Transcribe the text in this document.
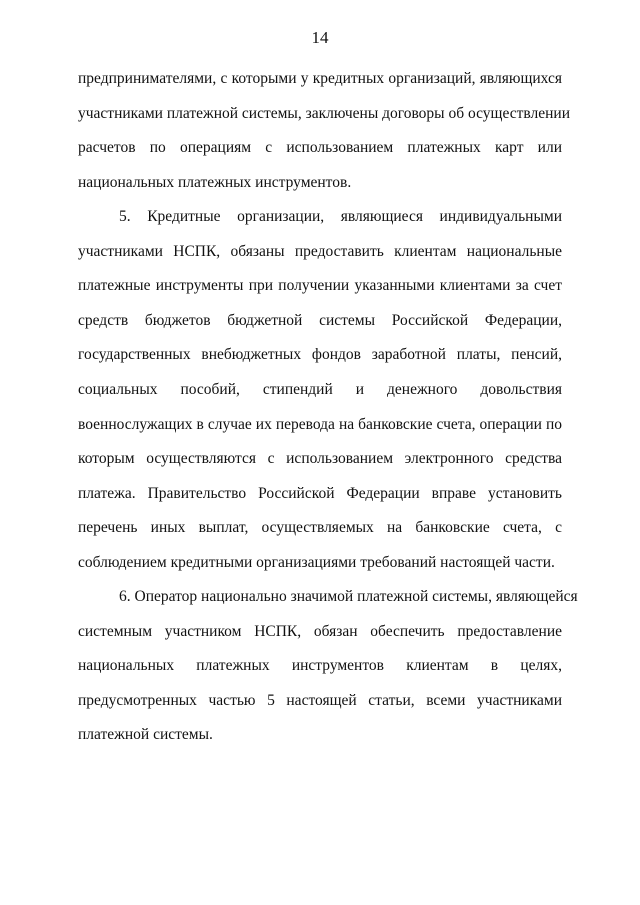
14
предпринимателями, с которыми у кредитных организаций, являющихся
участниками платежной системы, заключены договоры об осуществлении
расчетов по операциям с использованием платежных карт или
национальных платежных инструментов.
5. Кредитные организации, являющиеся индивидуальными
участниками НСПК, обязаны предоставить клиентам национальные
платежные инструменты при получении указанными клиентами за счет
средств бюджетов бюджетной системы Российской Федерации,
государственных внебюджетных фондов заработной платы, пенсий,
социальных пособий, стипендий и денежного довольствия
военнослужащих в случае их перевода на банковские счета, операции по
которым осуществляются с использованием электронного средства
платежа. Правительство Российской Федерации вправе установить
перечень иных выплат, осуществляемых на банковские счета, с
соблюдением кредитными организациями требований настоящей части.
6. Оператор национально значимой платежной системы, являющейся
системным участником НСПК, обязан обеспечить предоставление
национальных платежных инструментов клиентам в целях,
предусмотренных частью 5 настоящей статьи, всеми участниками
платежной системы.
